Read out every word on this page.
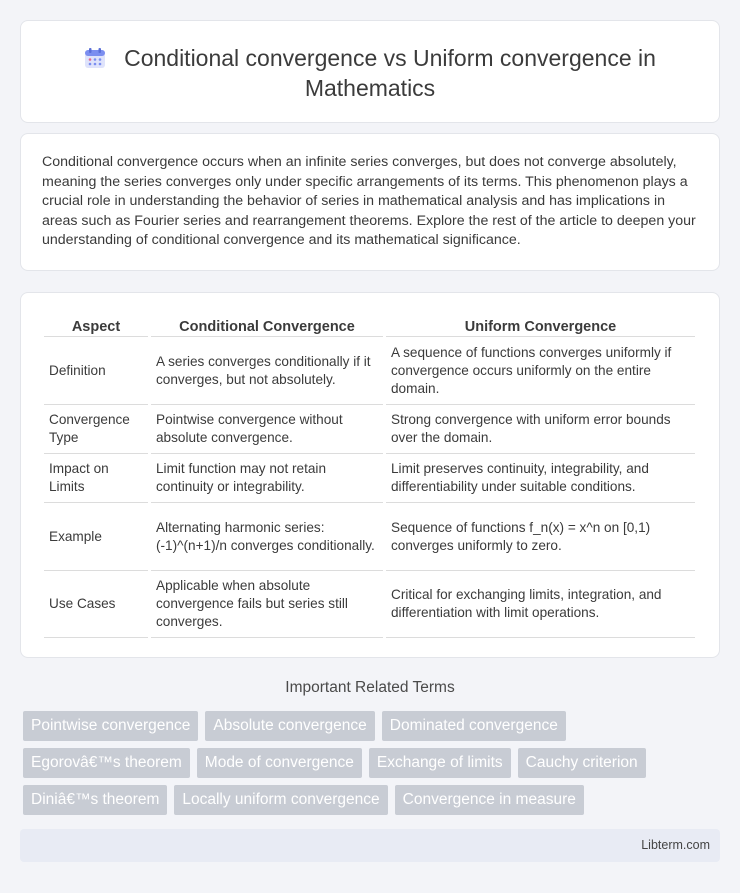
Conditional convergence vs Uniform convergence in Mathematics

Conditional convergence occurs when an infinite series converges, but does not converge absolutely, meaning the series converges only under specific arrangements of its terms. This phenomenon plays a crucial role in understanding the behavior of series in mathematical analysis and has implications in areas such as Fourier series and rearrangement theorems. Explore the rest of the article to deepen your understanding of conditional convergence and its mathematical significance.

Aspect	Conditional Convergence	Uniform Convergence
Definition	A series converges conditionally if it converges, but not absolutely.	A sequence of functions converges uniformly if convergence occurs uniformly on the entire domain.
Convergence Type	Pointwise convergence without absolute convergence.	Strong convergence with uniform error bounds over the domain.
Impact on Limits	Limit function may not retain continuity or integrability.	Limit preserves continuity, integrability, and differentiability under suitable conditions.
Example	Alternating harmonic series: (-1)^(n+1)/n converges conditionally.	Sequence of functions f_n(x) = x^n on [0,1) converges uniformly to zero.
Use Cases	Applicable when absolute convergence fails but series still converges.	Critical for exchanging limits, integration, and differentiation with limit operations.
Important Related Terms
Pointwise convergence	Absolute convergence	Dominated convergence
Egorovâ€™s theorem	Mode of convergence	Exchange of limits	Cauchy criterion
Diniâ€™s theorem	Locally uniform convergence	Convergence in measure
Libterm.com
